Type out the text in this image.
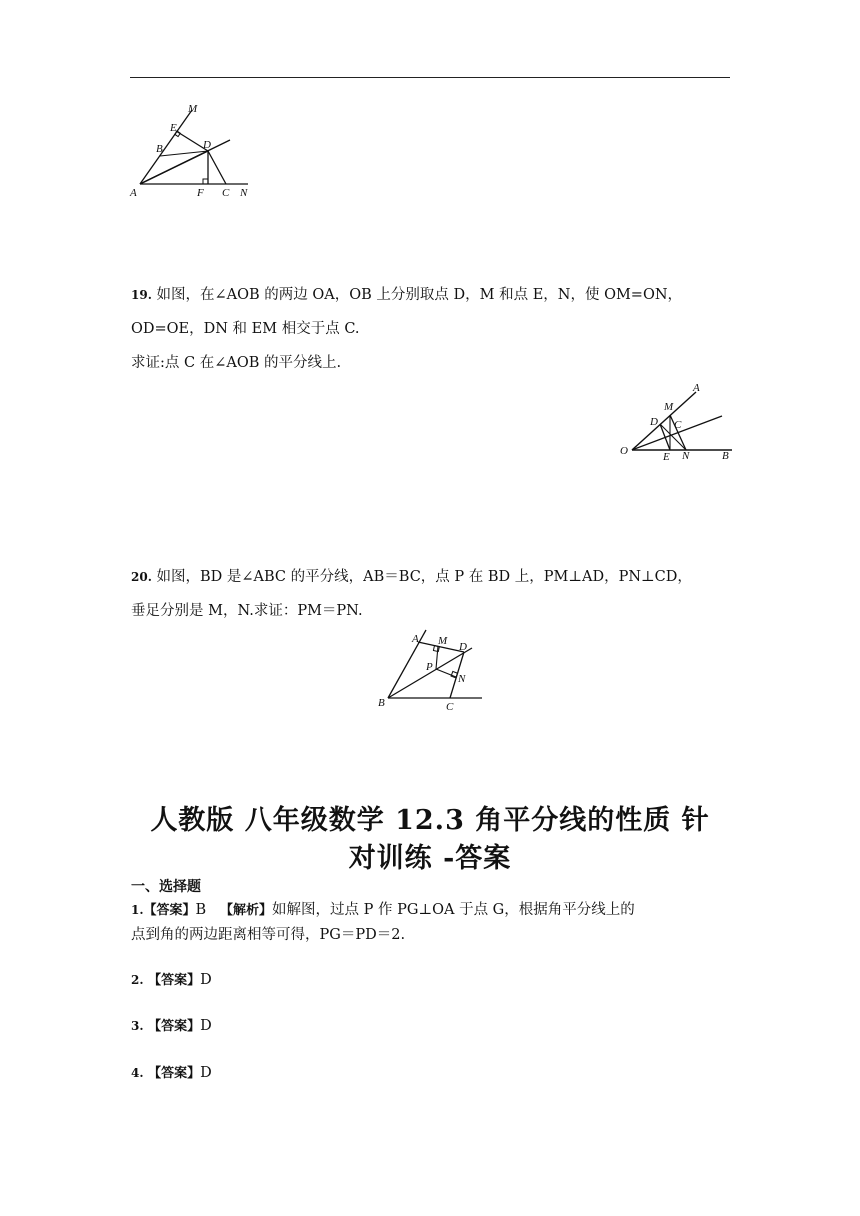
M
E
B	D
A	F C N
19. 如图，在∠AOB 的两边 OA，OB 上分别取点 D，M 和点 E，N，使 OM=ON，
OD=OE，DN 和 EM 相交于点 C.
求证:点 C 在∠AOB 的平分线上.
A
M
D C
O	E N	B
20. 如图，BD 是∠ABC 的平分线，AB＝BC，点 P 在 BD 上，PM⊥AD，PN⊥CD，
垂足分别是 M，N.求证：PM＝PN.
A M D
P
N
B	C
人教版 八年级数学 12.3 角平分线的性质 针
对训练 -答案
一、选择题
1.【答案】B 【解析】如解图，过点 P 作 PG⊥OA 于点 G，根据角平分线上的
点到角的两边距离相等可得，PG＝PD＝2.
2. 【答案】D
3. 【答案】D
4. 【答案】D
